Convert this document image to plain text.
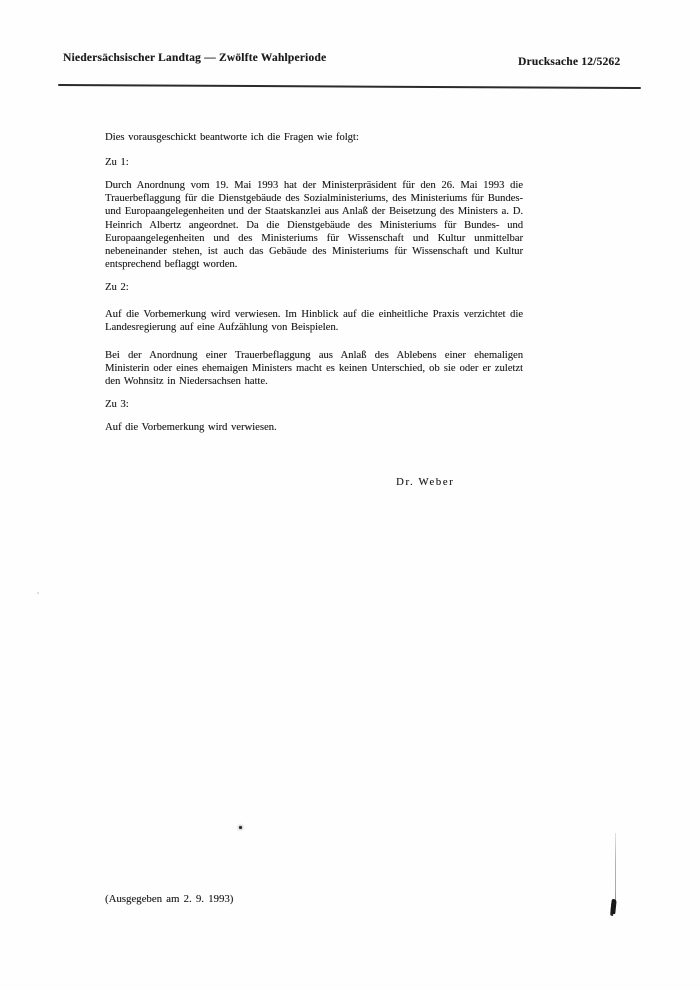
Niedersächsischer Landtag — Zwölfte Wahlperiode	Drucksache 12/5262

Dies vorausgeschickt beantworte ich die Fragen wie folgt:

Zu 1:

Durch Anordnung vom 19. Mai 1993 hat der Ministerpräsident für den 26. Mai 1993 die Trauerbeflaggung für die Dienstgebäude des Sozialministeriums, des Ministeriums für Bundes- und Europaangelegenheiten und der Staatskanzlei aus Anlaß der Beisetzung des Ministers a. D. Heinrich Albertz angeordnet. Da die Dienstgebäude des Ministeriums für Bundes- und Europaangelegenheiten und des Ministeriums für Wissenschaft und Kultur unmittelbar nebeneinander stehen, ist auch das Gebäude des Ministeriums für Wissenschaft und Kultur entsprechend beflaggt worden.

Zu 2:

Auf die Vorbemerkung wird verwiesen. Im Hinblick auf die einheitliche Praxis verzichtet die Landesregierung auf eine Aufzählung von Beispielen.

Bei der Anordnung einer Trauerbeflaggung aus Anlaß des Ablebens einer ehemaligen Ministerin oder eines ehemaigen Ministers macht es keinen Unterschied, ob sie oder er zuletzt den Wohnsitz in Niedersachsen hatte.

Zu 3:

Auf die Vorbemerkung wird verwiesen.

Dr. Weber
(Ausgegeben am 2. 9. 1993)
